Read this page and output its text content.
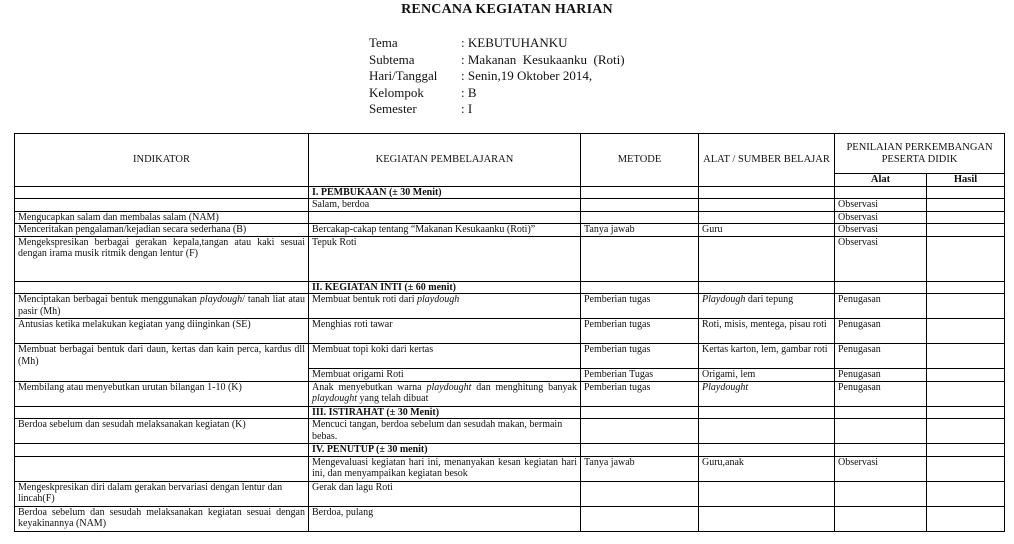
RENCANA KEGIATAN HARIAN
Tema	: KEBUTUHANKU
Subtema	: Makanan  Kesukaanku  (Roti)
Hari/Tanggal	: Senin,19 Oktober 2014,
Kelompok	: B
Semester	: I
INDIKATOR	KEGIATAN PEMBELAJARAN	METODE	ALAT / SUMBER BELAJAR	PENILAIAN PERKEMBANGAN PESERTA DIDIK	
				Alat	Hasil
	I. PEMBUKAAN (± 30 Menit)				
	Salam, berdoa			Observasi	
Mengucapkan salam dan membalas salam (NAM)				Observasi	
Menceritakan pengalaman/kejadian secara sederhana (B)	Bercakap-cakap tentang “Makanan Kesukaanku (Roti)”	Tanya jawab	Guru	Observasi	
Mengekspresikan berbagai gerakan kepala,tangan atau kaki sesuai dengan irama musik ritmik dengan lentur (F)	Tepuk Roti			Observasi	
	II. KEGIATAN INTI (± 60 menit)				
Menciptakan berbagai bentuk menggunakan playdough/ tanah liat atau pasir (Mh)	Membuat bentuk roti dari playdough	Pemberian tugas	Playdough dari tepung	Penugasan	
Antusias ketika melakukan kegiatan yang diinginkan (SE)	Menghias roti tawar	Pemberian tugas	Roti, misis, mentega, pisau roti	Penugasan	
Membuat berbagai bentuk dari daun, kertas dan kain perca, kardus dll (Mh)	Membuat topi koki dari kertas	Pemberian tugas	Kertas karton, lem, gambar roti	Penugasan	
	Membuat origami Roti	Pemberian Tugas	Origami, lem	Penugasan	
Membilang atau menyebutkan urutan bilangan 1-10 (K)	Anak menyebutkan warna playdought dan menghitung banyak playdought yang telah dibuat	Pemberian tugas	Playdought	Penugasan	
	III. ISTIRAHAT (± 30 Menit)				
Berdoa sebelum dan sesudah melaksanakan kegiatan (K)	Mencuci tangan, berdoa sebelum dan sesudah makan, bermain bebas.				
	IV. PENUTUP (± 30 menit)				
	Mengevaluasi kegiatan hari ini, menanyakan kesan kegiatan hari ini, dan menyampaikan kegiatan besok	Tanya jawab	Guru,anak	Observasi	
Mengeskpresikan diri dalam gerakan bervariasi dengan lentur dan lincah(F)	Gerak dan lagu Roti				
Berdoa sebelum dan sesudah melaksanakan kegiatan sesuai dengan keyakinannya (NAM)	Berdoa, pulang				
